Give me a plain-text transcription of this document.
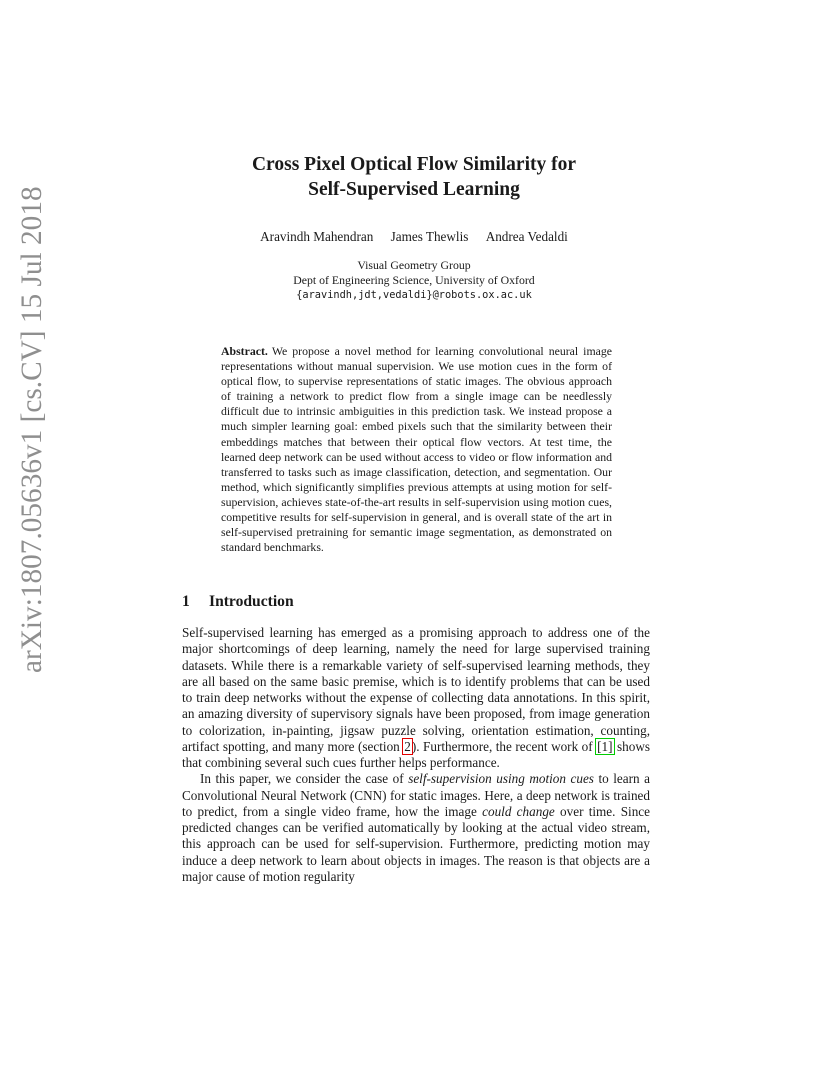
arXiv:1807.05636v1 [cs.CV] 15 Jul 2018
Cross Pixel Optical Flow Similarity for
Self-Supervised Learning
Aravindh Mahendran James Thewlis Andrea Vedaldi
Visual Geometry Group
Dept of Engineering Science, University of Oxford
{aravindh,jdt,vedaldi}@robots.ox.ac.uk
Abstract. We propose a novel method for learning convolutional neural image representations without manual supervision. We use motion cues in the form of optical flow, to supervise representations of static images. The obvious approach of training a network to predict flow from a single image can be needlessly difficult due to intrinsic ambiguities in this prediction task. We instead propose a much simpler learning goal: embed pixels such that the similarity between their embeddings matches that between their optical flow vectors. At test time, the learned deep network can be used without access to video or flow information and transferred to tasks such as image classification, detection, and segmentation. Our method, which significantly simplifies previous attempts at using motion for self-supervision, achieves state-of-the-art results in self-supervision using motion cues, competitive results for self-supervision in general, and is overall state of the art in self-supervised pretraining for semantic image segmentation, as demonstrated on standard benchmarks.
1 Introduction

Self-supervised learning has emerged as a promising approach to address one of the major shortcomings of deep learning, namely the need for large supervised training datasets. While there is a remarkable variety of self-supervised learning methods, they are all based on the same basic premise, which is to identify problems that can be used to train deep networks without the expense of collecting data annotations. In this spirit, an amazing diversity of supervisory signals have been proposed, from image generation to colorization, in-painting, jigsaw puzzle solving, orientation estimation, counting, artifact spotting, and many more (section 2). Furthermore, the recent work of [1] shows that combining several such cues further helps performance.

In this paper, we consider the case of self-supervision using motion cues to learn a Convolutional Neural Network (CNN) for static images. Here, a deep network is trained to predict, from a single video frame, how the image could change over time. Since predicted changes can be verified automatically by looking at the actual video stream, this approach can be used for self-supervision. Furthermore, predicting motion may induce a deep network to learn about objects in images. The reason is that objects are a major cause of motion regularity
